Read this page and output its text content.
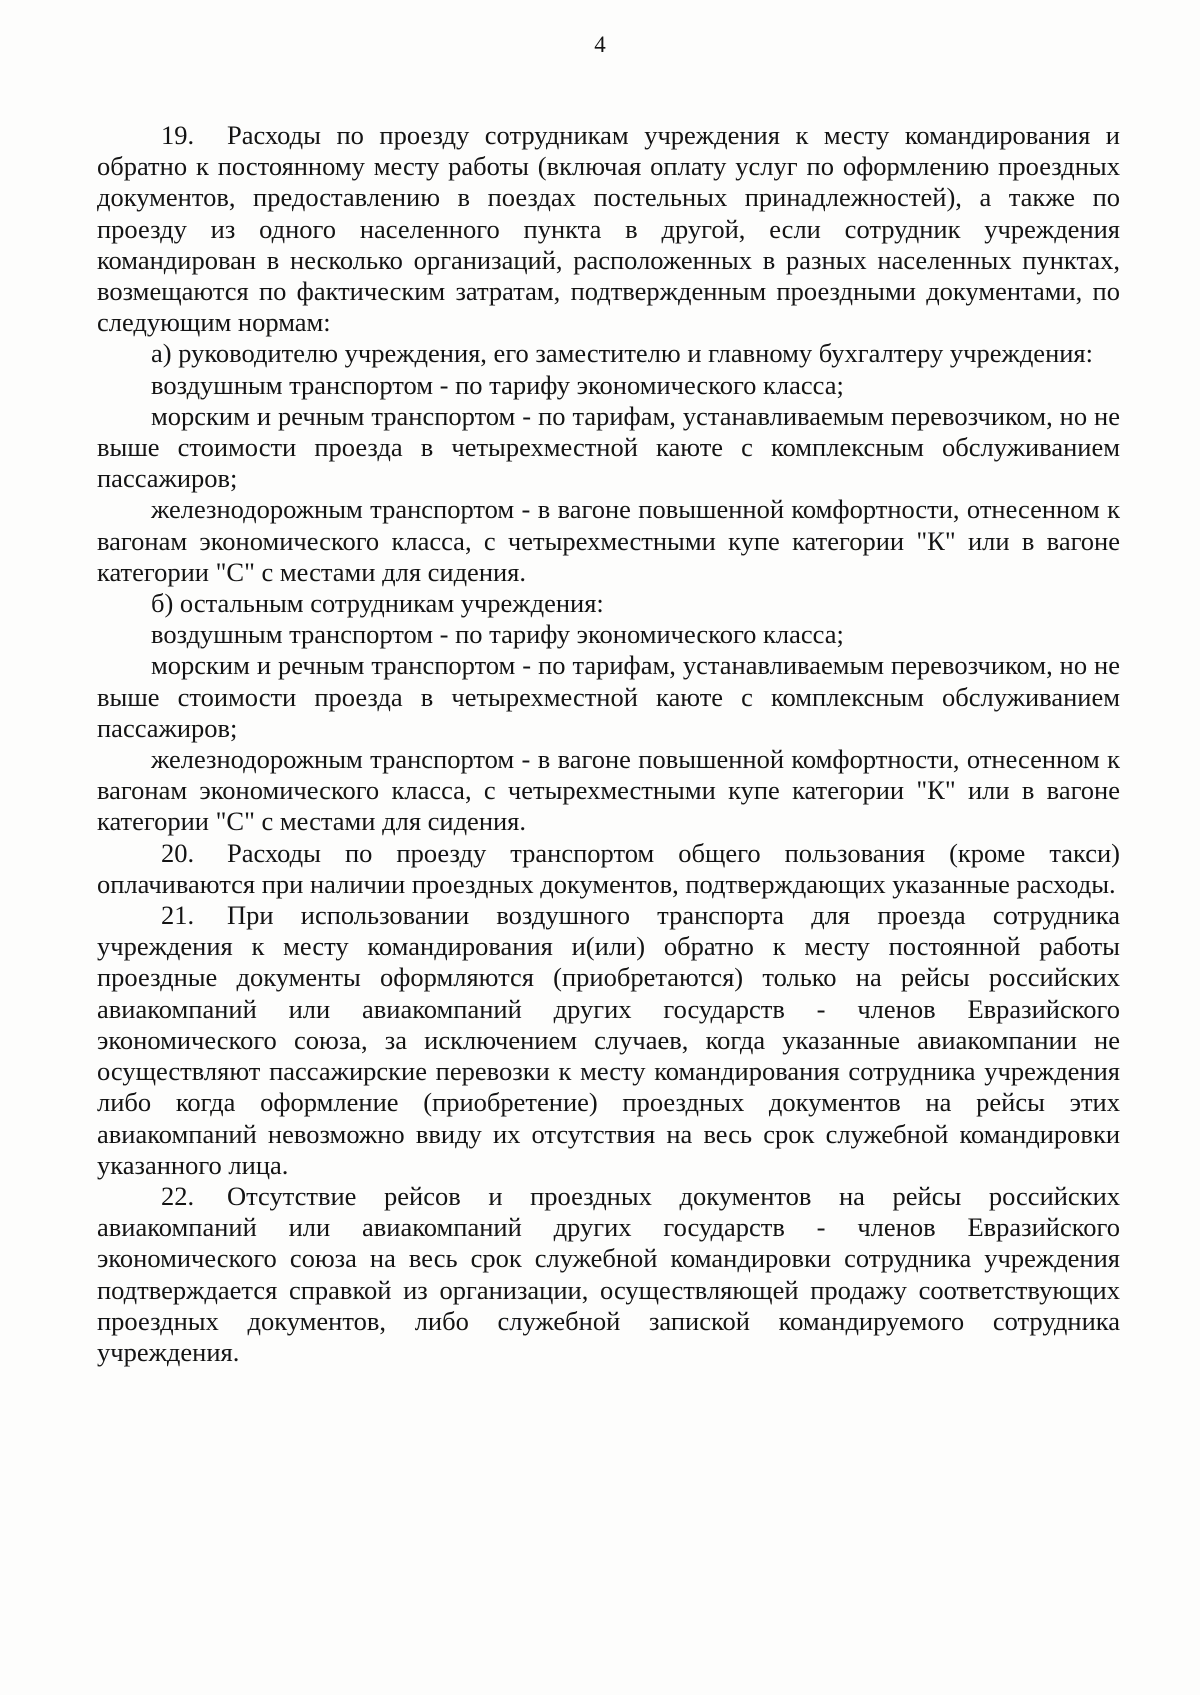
4

19. Расходы по проезду сотрудникам учреждения к месту командирования и обратно к постоянному месту работы (включая оплату услуг по оформлению проездных документов, предоставлению в поездах постельных принадлежностей), а также по проезду из одного населенного пункта в другой, если сотрудник учреждения командирован в несколько организаций, расположенных в разных населенных пунктах, возмещаются по фактическим затратам, подтвержденным проездными документами, по следующим нормам:

а) руководителю учреждения, его заместителю и главному бухгалтеру учреждения:

воздушным транспортом - по тарифу экономического класса;

морским и речным транспортом - по тарифам, устанавливаемым перевозчиком, но не выше стоимости проезда в четырехместной каюте с комплексным обслуживанием пассажиров;

железнодорожным транспортом - в вагоне повышенной комфортности, отнесенном к вагонам экономического класса, с четырехместными купе категории "К" или в вагоне категории "С" с местами для сидения.

б) остальным сотрудникам учреждения:

воздушным транспортом - по тарифу экономического класса;

морским и речным транспортом - по тарифам, устанавливаемым перевозчиком, но не выше стоимости проезда в четырехместной каюте с комплексным обслуживанием пассажиров;

железнодорожным транспортом - в вагоне повышенной комфортности, отнесенном к вагонам экономического класса, с четырехместными купе категории "К" или в вагоне категории "С" с местами для сидения.

20. Расходы по проезду транспортом общего пользования (кроме такси) оплачиваются при наличии проездных документов, подтверждающих указанные расходы.

21. При использовании воздушного транспорта для проезда сотрудника учреждения к месту командирования и(или) обратно к месту постоянной работы проездные документы оформляются (приобретаются) только на рейсы российских авиакомпаний или авиакомпаний других государств - членов Евразийского экономического союза, за исключением случаев, когда указанные авиакомпании не осуществляют пассажирские перевозки к месту командирования сотрудника учреждения либо когда оформление (приобретение) проездных документов на рейсы этих авиакомпаний невозможно ввиду их отсутствия на весь срок служебной командировки указанного лица.

22. Отсутствие рейсов и проездных документов на рейсы российских авиакомпаний или авиакомпаний других государств - членов Евразийского экономического союза на весь срок служебной командировки сотрудника учреждения подтверждается справкой из организации, осуществляющей продажу соответствующих проездных документов, либо служебной запиской командируемого сотрудника учреждения.
